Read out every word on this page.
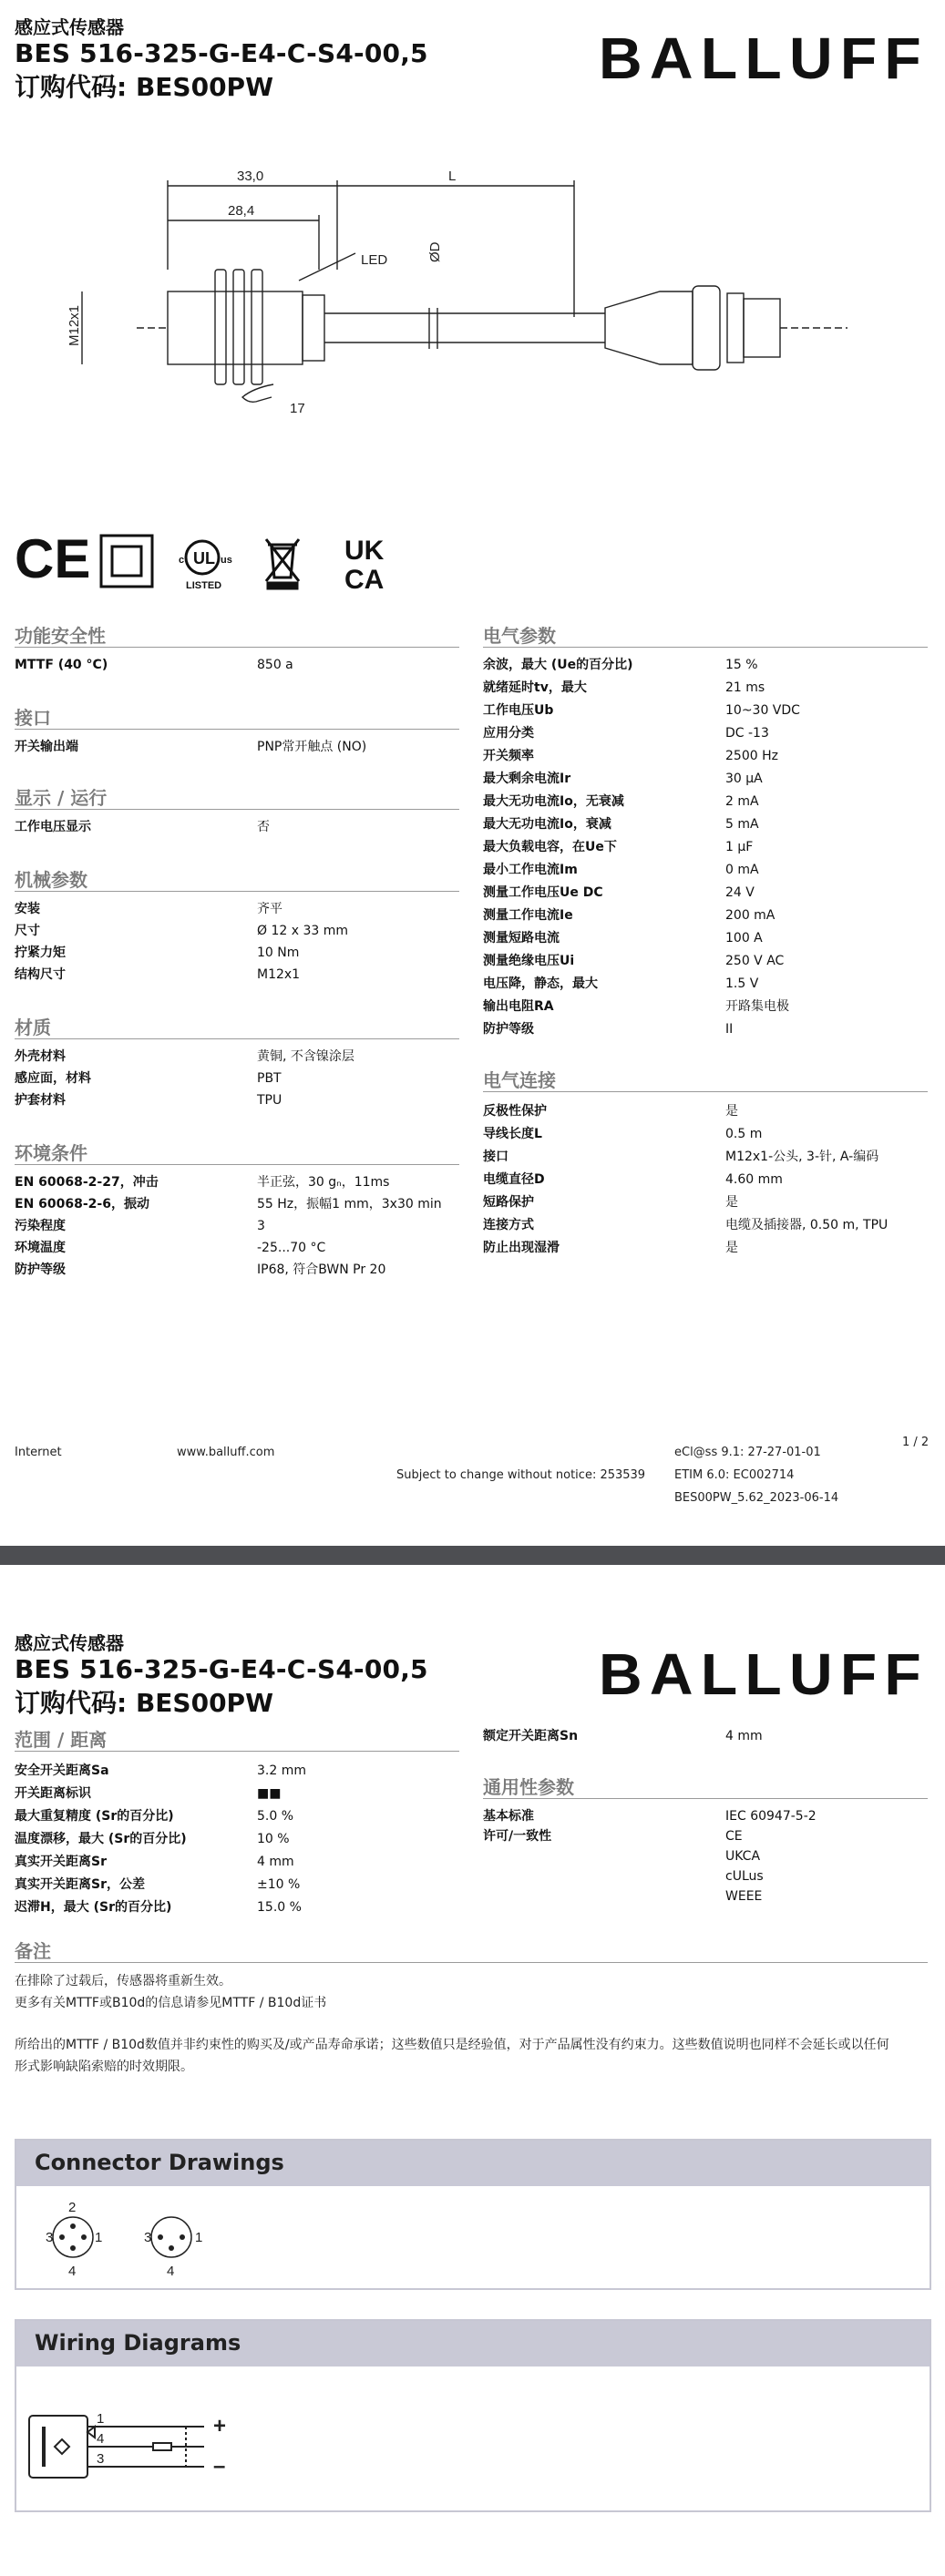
感应式传感器
BES 516-325-G-E4-C-S4-00,5
订购代码: BES00PW	BALLUFF
33,0
28,4
L
LED	ØD
M12x1
17
CE	UL
c	us
LISTED
UK
CA
功能安全性
MTTF (40 °C)	850 a
接口
开关输出端	PNP常开触点 (NO)
显示 / 运行
工作电压显示	否
机械参数
安装	齐平
尺寸	Ø 12 x 33 mm
拧紧力矩	10 Nm
结构尺寸	M12x1
材质
外壳材料	黄铜, 不含镍涂层
感应面，材料	PBT
护套材料	TPU
环境条件
EN 60068-2-27，冲击	半正弦，30 gₙ，11ms
EN 60068-2-6，振动	55 Hz，振幅1 mm，3x30 min
污染程度	3
环境温度	-25...70 °C
防护等级	IP68, 符合BWN Pr 20
电气参数
余波，最大 (Ue的百分比)	15 %
就绪延时tv，最大	21 ms
工作电压Ub	10~30 VDC
应用分类	DC -13
开关频率	2500 Hz
最大剩余电流Ir	30 µA
最大无功电流Io，无衰减	2 mA
最大无功电流Io，衰减	5 mA
最大负载电容，在Ue下	1 µF
最小工作电流Im	0 mA
测量工作电压Ue DC	24 V
测量工作电流Ie	200 mA
测量短路电流	100 A
测量绝缘电压Ui	250 V AC
电压降，静态，最大	1.5 V
输出电阻RA	开路集电极
防护等级	II
电气连接
反极性保护	是
导线长度L	0.5 m
接口	M12x1-公头, 3-针, A-编码
电缆直径D	4.60 mm
短路保护	是
连接方式	电缆及插接器, 0.50 m, TPU
防止出现湿滑	是
Internet	www.balluff.com
Subject to change without notice: 253539
eCl@ss 9.1: 27-27-01-01
ETIM 6.0: EC002714
BES00PW_5.62_2023-06-14
1 / 2
感应式传感器
BES 516-325-G-E4-C-S4-00,5
订购代码: BES00PW	BALLUFF
范围 / 距离
安全开关距离Sa	3.2 mm
开关距离标识	■■
最大重复精度 (Sr的百分比)	5.0 %
温度漂移，最大 (Sr的百分比)	10 %
真实开关距离Sr	4 mm
真实开关距离Sr，公差	±10 %
迟滞H，最大 (Sr的百分比)	15.0 %
额定开关距离Sn	4 mm
通用性参数
基本标准	IEC 60947-5-2
许可/一致性	CE
UKCA
cULus
WEEE
备注
在排除了过载后，传感器将重新生效。
更多有关MTTF或B10d的信息请参见MTTF / B10d证书
所给出的MTTF / B10d数值并非约束性的购买及/或产品寿命承诺；这些数值只是经验值，对于产品属性没有约束力。这些数值说明也同样不会延长或以任何
形式影响缺陷索赔的时效期限。
Connector Drawings
2
3	1
4
3	1
4
Wiring Diagrams
1
4
3
+
–
